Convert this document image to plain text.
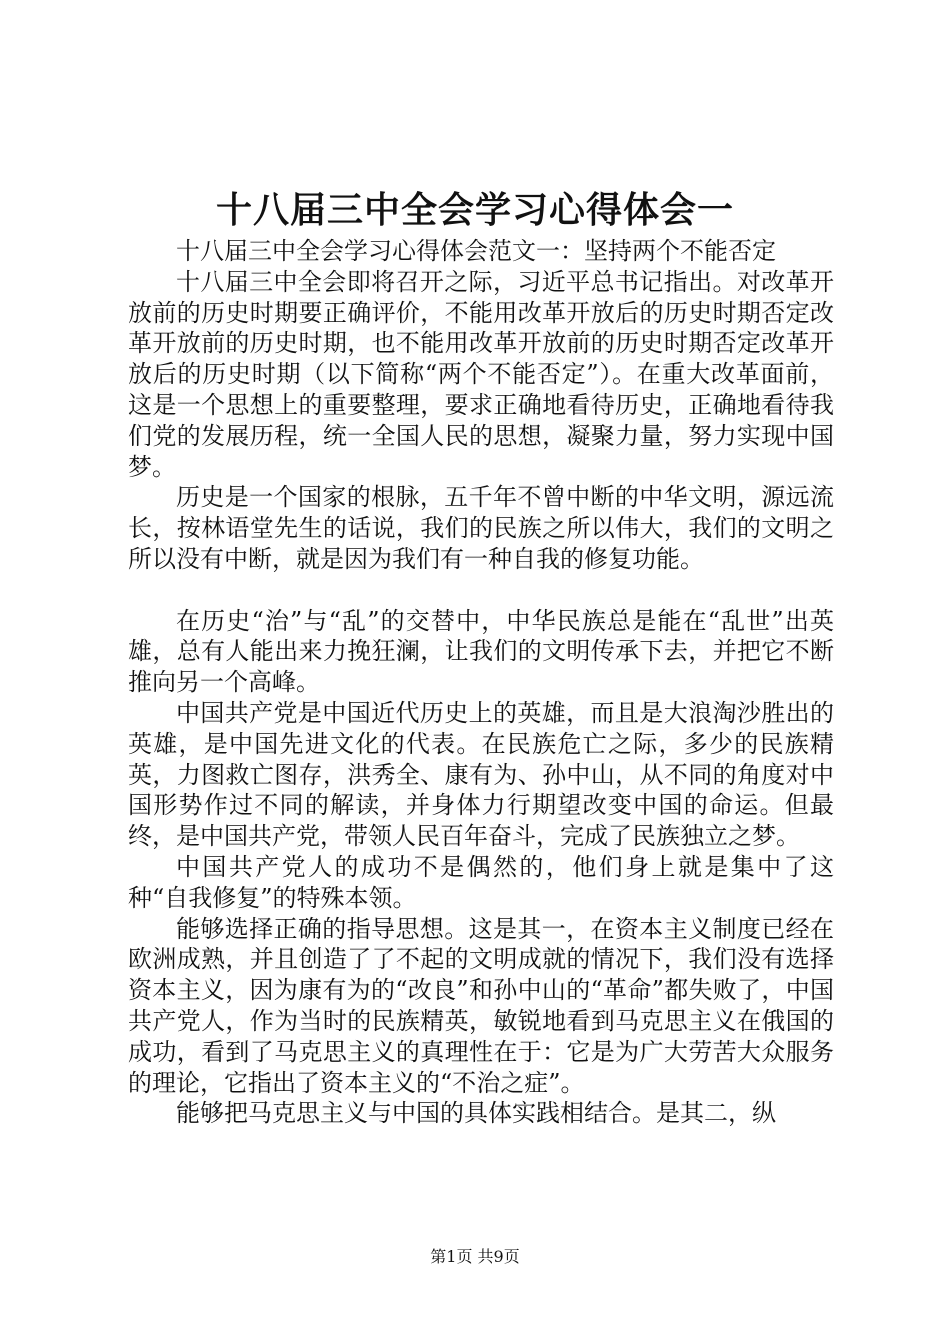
十八届三中全会学习心得体会一

十八届三中全会学习心得体会范文一：坚持两个不能否定

十八届三中全会即将召开之际，习近平总书记指出。对改革开放前的历史时期要正确评价，不能用改革开放后的历史时期否定改革开放前的历史时期，也不能用改革开放前的历史时期否定改革开放后的历史时期（以下简称“两个不能否定”）。在重大改革面前，这是一个思想上的重要整理，要求正确地看待历史，正确地看待我们党的发展历程，统一全国人民的思想，凝聚力量，努力实现中国梦。

历史是一个国家的根脉，五千年不曾中断的中华文明，源远流长，按林语堂先生的话说，我们的民族之所以伟大，我们的文明之所以没有中断，就是因为我们有一种自我的修复功能。

在历史“治”与“乱”的交替中，中华民族总是能在“乱世”出英雄，总有人能出来力挽狂澜，让我们的文明传承下去，并把它不断推向另一个高峰。

中国共产党是中国近代历史上的英雄，而且是大浪淘沙胜出的英雄，是中国先进文化的代表。在民族危亡之际，多少的民族精英，力图救亡图存，洪秀全、康有为、孙中山，从不同的角度对中国形势作过不同的解读，并身体力行期望改变中国的命运。但最终，是中国共产党，带领人民百年奋斗，完成了民族独立之梦。

中国共产党人的成功不是偶然的，他们身上就是集中了这种“自我修复”的特殊本领。

能够选择正确的指导思想。这是其一，在资本主义制度已经在欧洲成熟，并且创造了了不起的文明成就的情况下，我们没有选择资本主义，因为康有为的“改良”和孙中山的“革命”都失败了，中国共产党人，作为当时的民族精英，敏锐地看到马克思主义在俄国的成功，看到了马克思主义的真理性在于：它是为广大劳苦大众服务的理论，它指出了资本主义的“不治之症”。

能够把马克思主义与中国的具体实践相结合。是其二，纵

第1页 共9页
